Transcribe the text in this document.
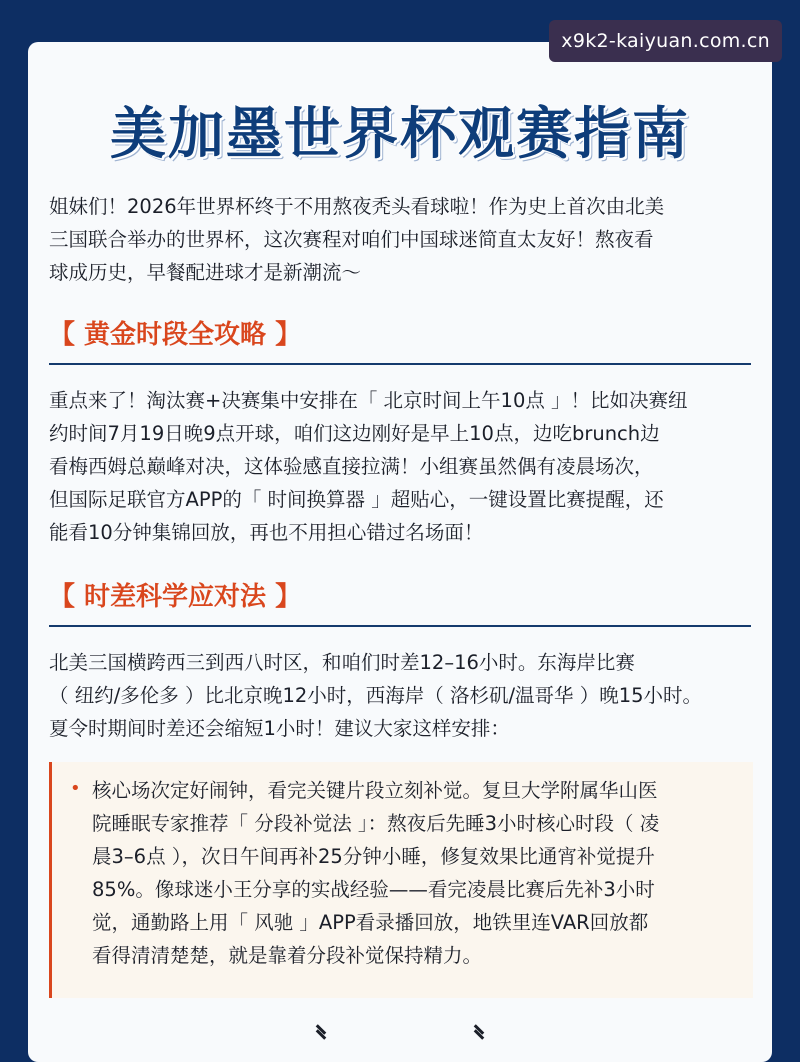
x9k2-kaiyuan.com.cn
美加墨世界杯观赛指南
姐妹们！2026年世界杯终于不用熬夜秃头看球啦！作为史上首次由北美
三国联合举办的世界杯，这次赛程对咱们中国球迷简直太友好！熬夜看
球成历史，早餐配进球才是新潮流～
【 黄金时段全攻略 】
重点来了！淘汰赛+决赛集中安排在「 北京时间上午10点 」！比如决赛纽
约时间7月19日晚9点开球，咱们这边刚好是早上10点，边吃brunch边
看梅西姆总巅峰对决，这体验感直接拉满！小组赛虽然偶有凌晨场次，
但国际足联官方APP的「 时间换算器 」超贴心，一键设置比赛提醒，还
能看10分钟集锦回放，再也不用担心错过名场面！
【 时差科学应对法 】
北美三国横跨西三到西八时区，和咱们时差12–16小时。东海岸比赛
（ 纽约/多伦多 ）比北京晚12小时，西海岸（ 洛杉矶/温哥华 ）晚15小时。
夏令时期间时差还会缩短1小时！建议大家这样安排：
• 核心场次定好闹钟，看完关键片段立刻补觉。复旦大学附属华山医
院睡眠专家推荐「 分段补觉法 」：熬夜后先睡3小时核心时段（ 凌
晨3–6点 ），次日午间再补25分钟小睡，修复效果比通宵补觉提升
85%。像球迷小王分享的实战经验——看完凌晨比赛后先补3小时
觉，通勤路上用「 风驰 」APP看录播回放，地铁里连VAR回放都
看得清清楚楚，就是靠着分段补觉保持精力。
